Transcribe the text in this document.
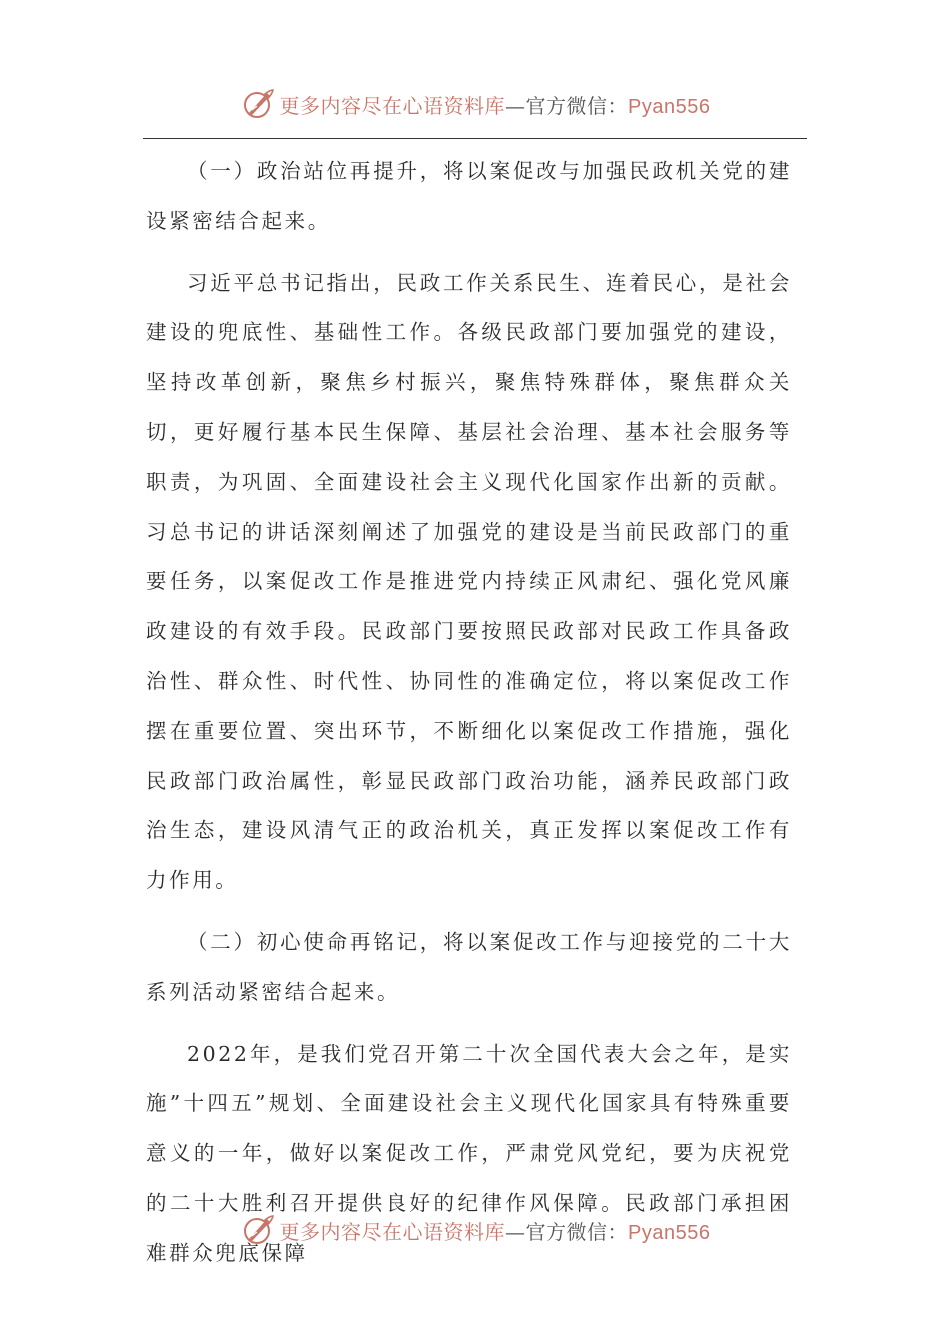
更多内容尽在心语资料库—官方微信：Pyan556

（一）政治站位再提升，将以案促改与加强民政机关党的建设紧密结合起来。

习近平总书记指出，民政工作关系民生、连着民心，是社会建设的兜底性、基础性工作。各级民政部门要加强党的建设，坚持改革创新，聚焦乡村振兴，聚焦特殊群体，聚焦群众关切，更好履行基本民生保障、基层社会治理、基本社会服务等职责，为巩固、全面建设社会主义现代化国家作出新的贡献。习总书记的讲话深刻阐述了加强党的建设是当前民政部门的重要任务，以案促改工作是推进党内持续正风肃纪、强化党风廉政建设的有效手段。民政部门要按照民政部对民政工作具备政治性、群众性、时代性、协同性的准确定位，将以案促改工作摆在重要位置、突出环节，不断细化以案促改工作措施，强化民政部门政治属性，彰显民政部门政治功能，涵养民政部门政治生态，建设风清气正的政治机关，真正发挥以案促改工作有力作用。

（二）初心使命再铭记，将以案促改工作与迎接党的二十大系列活动紧密结合起来。

2022年，是我们党召开第二十次全国代表大会之年，是实施”十四五”规划、全面建设社会主义现代化国家具有特殊重要意义的一年，做好以案促改工作，严肃党风党纪，要为庆祝党的二十大胜利召开提供良好的纪律作风保障。民政部门承担困难群众兜底保障

更多内容尽在心语资料库—官方微信：Pyan556
